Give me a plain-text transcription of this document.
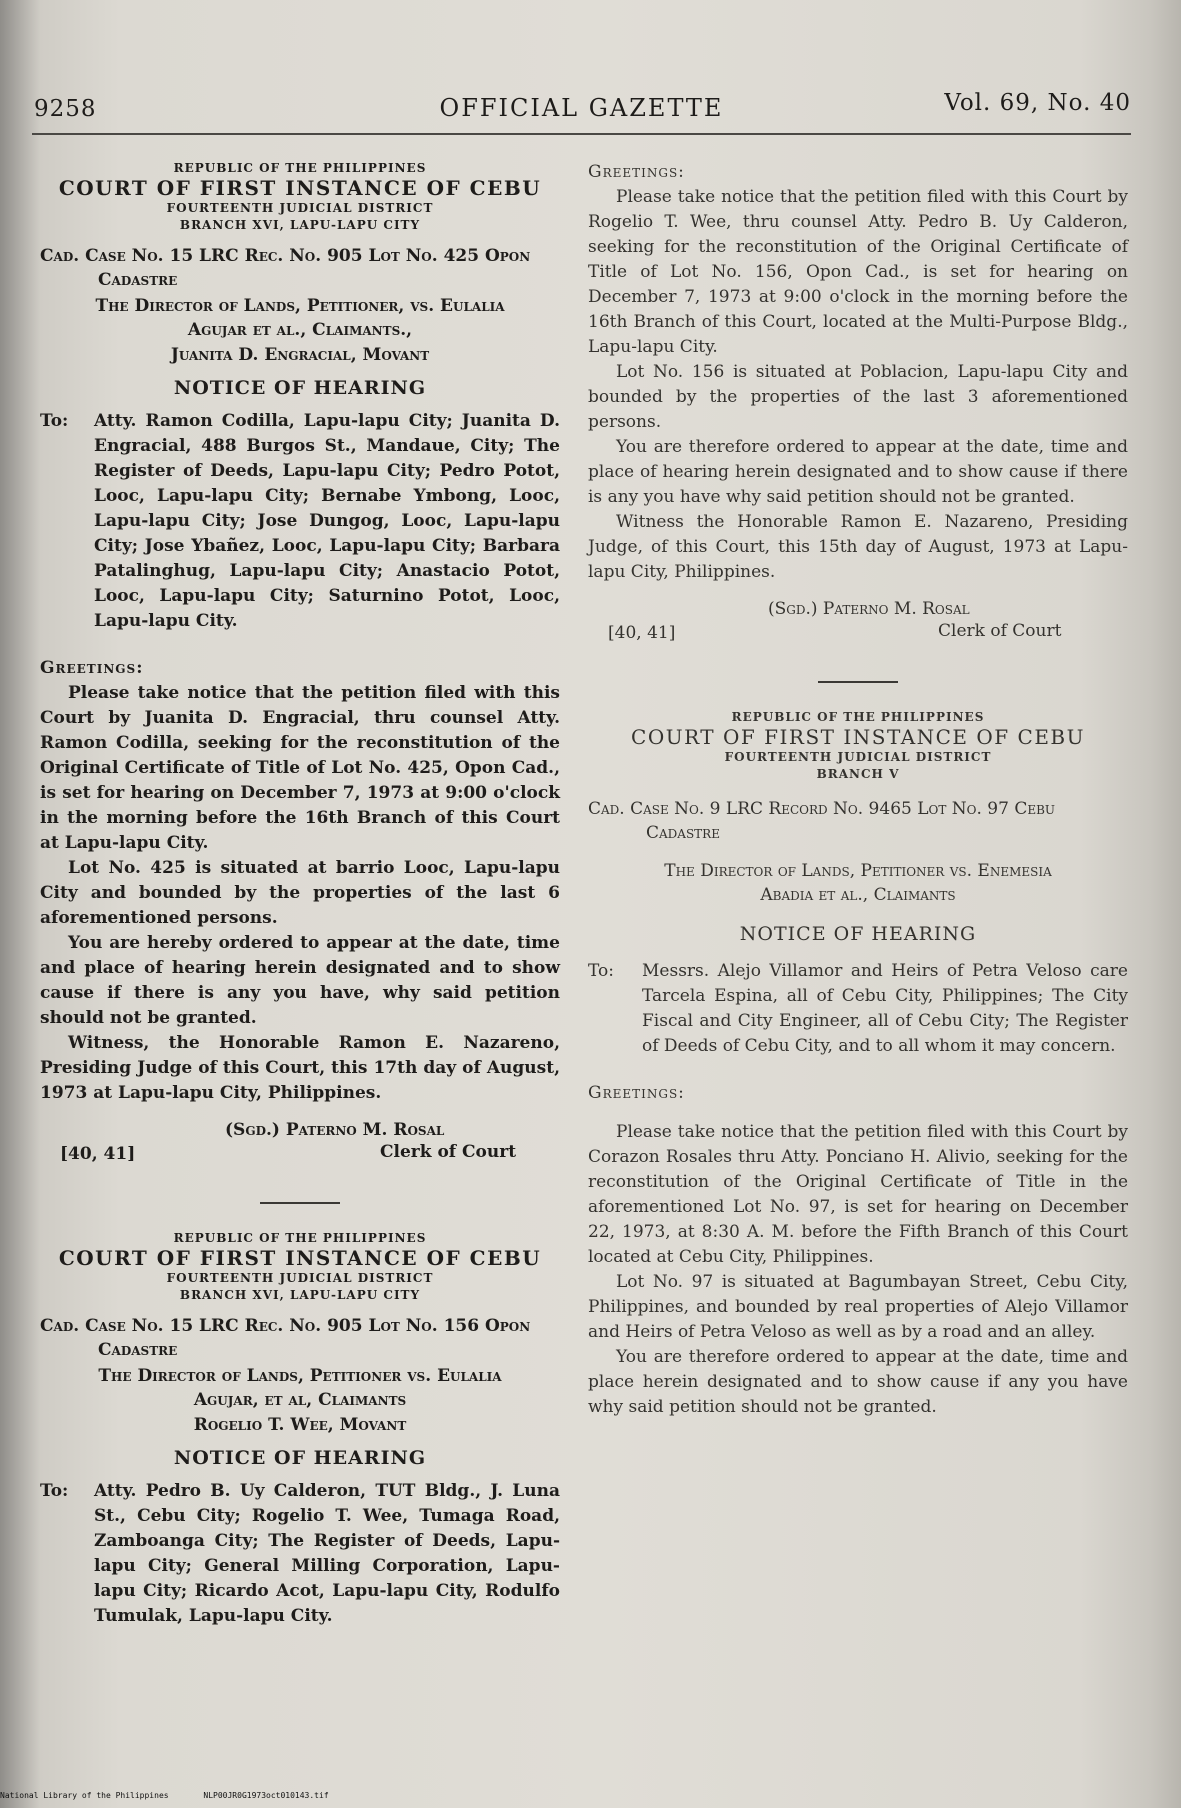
9258	OFFICIAL GAZETTE	Vol. 69, No. 40
REPUBLIC OF THE PHILIPPINES
COURT OF FIRST INSTANCE OF CEBU
FOURTEENTH JUDICIAL DISTRICT
BRANCH XVI, LAPU-LAPU CITY
Cad. Case No. 15 LRC Rec. No. 905 Lot No. 425 Opon Cadastre
The Director of Lands, Petitioner, vs. Eulalia
Agujar et al., Claimants.,
Juanita D. Engracial, Movant
NOTICE OF HEARING
To:	Atty. Ramon Codilla, Lapu-lapu City; Juanita D. Engracial, 488 Burgos St., Mandaue, City; The Register of Deeds, Lapu-lapu City; Pedro Potot, Looc, Lapu-lapu City; Bernabe Ymbong, Looc, Lapu-lapu City; Jose Dungog, Looc, Lapu-lapu City; Jose Ybañez, Looc, Lapu-lapu City; Barbara Patalinghug, Lapu-lapu City; Anastacio Potot, Looc, Lapu-lapu City; Saturnino Potot, Looc, Lapu-lapu City.
Greetings:

Please take notice that the petition filed with this Court by Juanita D. Engracial, thru counsel Atty. Ramon Codilla, seeking for the reconstitution of the Original Certificate of Title of Lot No. 425, Opon Cad., is set for hearing on December 7, 1973 at 9:00 o'clock in the morning before the 16th Branch of this Court at Lapu-lapu City.

Lot No. 425 is situated at barrio Looc, Lapu-lapu City and bounded by the properties of the last 6 aforementioned persons.

You are hereby ordered to appear at the date, time and place of hearing herein designated and to show cause if there is any you have, why said petition should not be granted.

Witness, the Honorable Ramon E. Nazareno, Presiding Judge of this Court, this 17th day of August, 1973 at Lapu-lapu City, Philippines.

(Sgd.) Paterno M. Rosal
[40, 41]	Clerk of Court
REPUBLIC OF THE PHILIPPINES
COURT OF FIRST INSTANCE OF CEBU
FOURTEENTH JUDICIAL DISTRICT
BRANCH XVI, LAPU-LAPU CITY
Cad. Case No. 15 LRC Rec. No. 905 Lot No. 156 Opon Cadastre
The Director of Lands, Petitioner vs. Eulalia
Agujar, et al, Claimants
Rogelio T. Wee, Movant
NOTICE OF HEARING
To:	Atty. Pedro B. Uy Calderon, TUT Bldg., J. Luna St., Cebu City; Rogelio T. Wee, Tumaga Road, Zamboanga City; The Register of Deeds, Lapu-lapu City; General Milling Corporation, Lapu-lapu City; Ricardo Acot, Lapu-lapu City, Rodulfo Tumulak, Lapu-lapu City.
Greetings:

Please take notice that the petition filed with this Court by Rogelio T. Wee, thru counsel Atty. Pedro B. Uy Calderon, seeking for the reconstitution of the Original Certificate of Title of Lot No. 156, Opon Cad., is set for hearing on December 7, 1973 at 9:00 o'clock in the morning before the 16th Branch of this Court, located at the Multi-Purpose Bldg., Lapu-lapu City.

Lot No. 156 is situated at Poblacion, Lapu-lapu City and bounded by the properties of the last 3 aforementioned persons.

You are therefore ordered to appear at the date, time and place of hearing herein designated and to show cause if there is any you have why said petition should not be granted.

Witness the Honorable Ramon E. Nazareno, Presiding Judge, of this Court, this 15th day of August, 1973 at Lapu-lapu City, Philippines.

(Sgd.) Paterno M. Rosal
[40, 41]	Clerk of Court
REPUBLIC OF THE PHILIPPINES
COURT OF FIRST INSTANCE OF CEBU
FOURTEENTH JUDICIAL DISTRICT
BRANCH V
Cad. Case No. 9 LRC Record No. 9465 Lot No. 97 Cebu Cadastre
The Director of Lands, Petitioner vs. Enemesia
Abadia et al., Claimants
NOTICE OF HEARING
To:	Messrs. Alejo Villamor and Heirs of Petra Veloso care Tarcela Espina, all of Cebu City, Philippines; The City Fiscal and City Engineer, all of Cebu City; The Register of Deeds of Cebu City, and to all whom it may concern.
Greetings:

Please take notice that the petition filed with this Court by Corazon Rosales thru Atty. Ponciano H. Alivio, seeking for the reconstitution of the Original Certificate of Title in the aforementioned Lot No. 97, is set for hearing on December 22, 1973, at 8:30 A. M. before the Fifth Branch of this Court located at Cebu City, Philippines.

Lot No. 97 is situated at Bagumbayan Street, Cebu City, Philippines, and bounded by real properties of Alejo Villamor and Heirs of Petra Veloso as well as by a road and an alley.

You are therefore ordered to appear at the date, time and place herein designated and to show cause if any you have why said petition should not be granted.

National Library of the Philippines	NLP00JR0G1973oct010143.tif
